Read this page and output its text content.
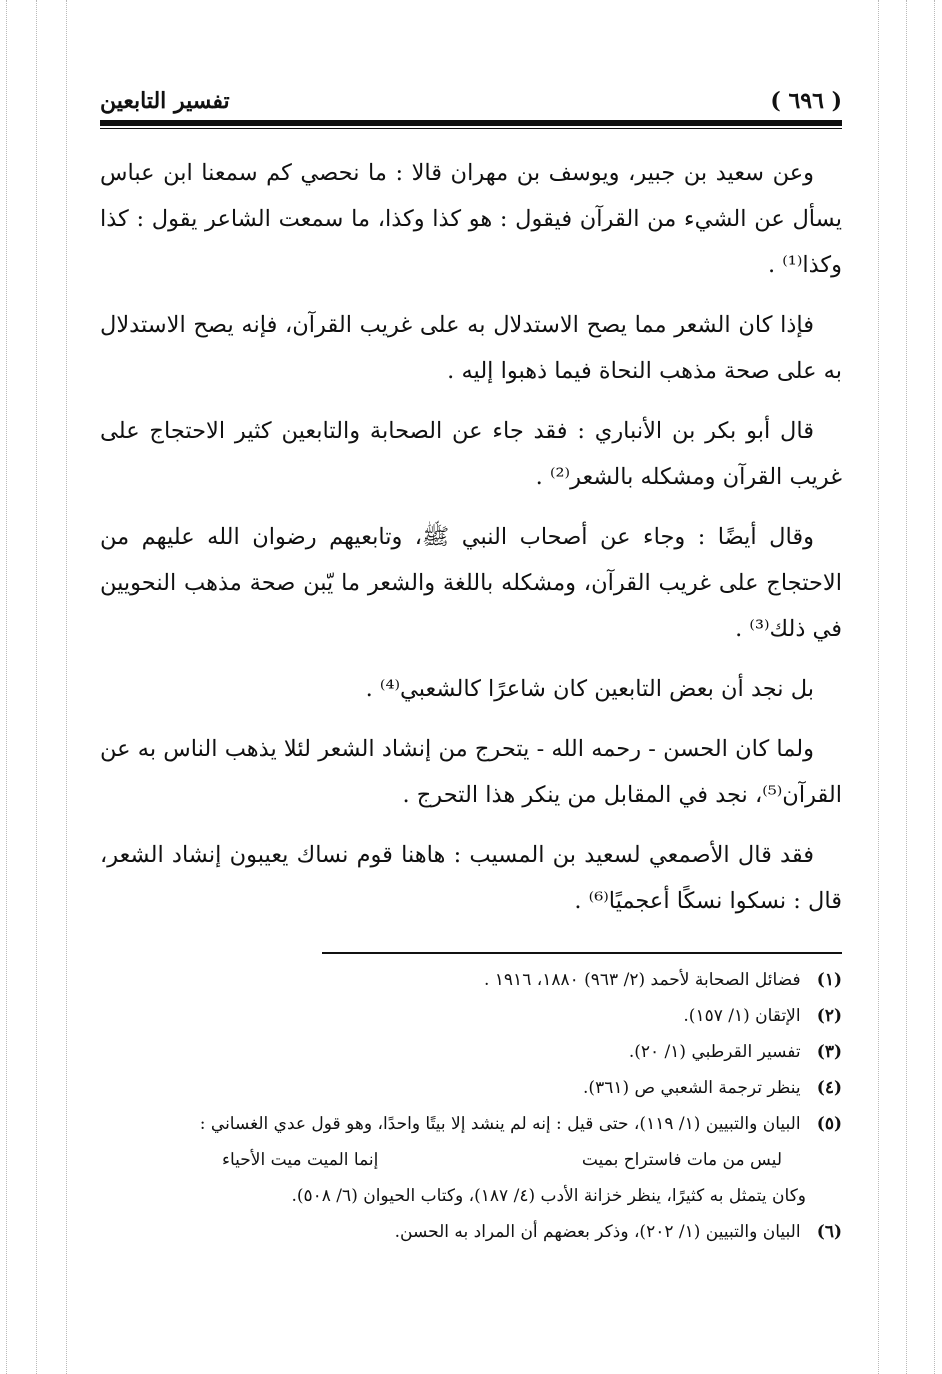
( ٦٩٦ )
تفسير التابعين

وعن سعيد بن جبير، ويوسف بن مهران قالا : ما نحصي كم سمعنا ابن عباس يسأل عن الشيء من القرآن فيقول : هو كذا وكذا، ما سمعت الشاعر يقول : كذا وكذا⁽¹⁾ .

فإذا كان الشعر مما يصح الاستدلال به على غريب القرآن، فإنه يصح الاستدلال به على صحة مذهب النحاة فيما ذهبوا إليه .

قال أبو بكر بن الأنباري : فقد جاء عن الصحابة والتابعين كثير الاحتجاج على غريب القرآن ومشكله بالشعر⁽²⁾ .

وقال أيضًا : وجاء عن أصحاب النبي ﷺ، وتابعيهم رضوان الله عليهم من الاحتجاج على غريب القرآن، ومشكله باللغة والشعر ما يّبن صحة مذهب النحويين في ذلك⁽³⁾ .

بل نجد أن بعض التابعين كان شاعرًا كالشعبي⁽⁴⁾ .

ولما كان الحسن - رحمه الله - يتحرج من إنشاد الشعر لئلا يذهب الناس به عن القرآن⁽⁵⁾، نجد في المقابل من ينكر هذا التحرج .

فقد قال الأصمعي لسعيد بن المسيب : هاهنا قوم نساك يعيبون إنشاد الشعر، قال : نسكوا نسكًا أعجميًا⁽⁶⁾ .

(١) فضائل الصحابة لأحمد (٢/ ٩٦٣) ١٨٨٠، ١٩١٦ .

(٢) الإتقان (١/ ١٥٧).

(٣) تفسير القرطبي (١/ ٢٠).

(٤) ينظر ترجمة الشعبي ص (٣٦١).

(٥) البيان والتبيين (١/ ١١٩)، حتى قيل : إنه لم ينشد إلا بيتًا واحدًا، وهو قول عدي الغساني :

ليس من مات فاستراح بميت
إنما الميت ميت الأحياء

وكان يتمثل به كثيرًا، ينظر خزانة الأدب (٤/ ١٨٧)، وكتاب الحيوان (٦/ ٥٠٨).

(٦) البيان والتبيين (١/ ٢٠٢)، وذكر بعضهم أن المراد به الحسن.
